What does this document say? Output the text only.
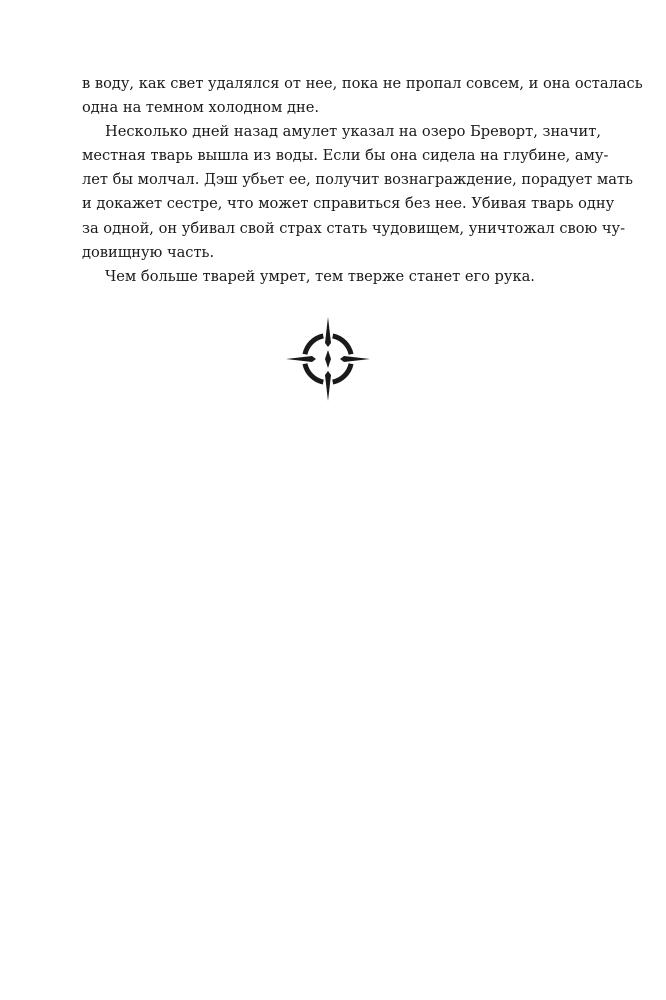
в воду, как свет удалялся от нее, пока не пропал совсем, и она осталась
одна на темном холодном дне.
Несколько дней назад амулет указал на озеро Бреворт, значит,
местная тварь вышла из воды. Если бы она сидела на глубине, аму-
лет бы молчал. Дэш убьет ее, получит вознаграждение, порадует мать
и докажет сестре, что может справиться без нее. Убивая тварь одну
за одной, он убивал свой страх стать чудовищем, уничтожал свою чу-
довищную часть.
Чем больше тварей умрет, тем тверже станет его рука.
